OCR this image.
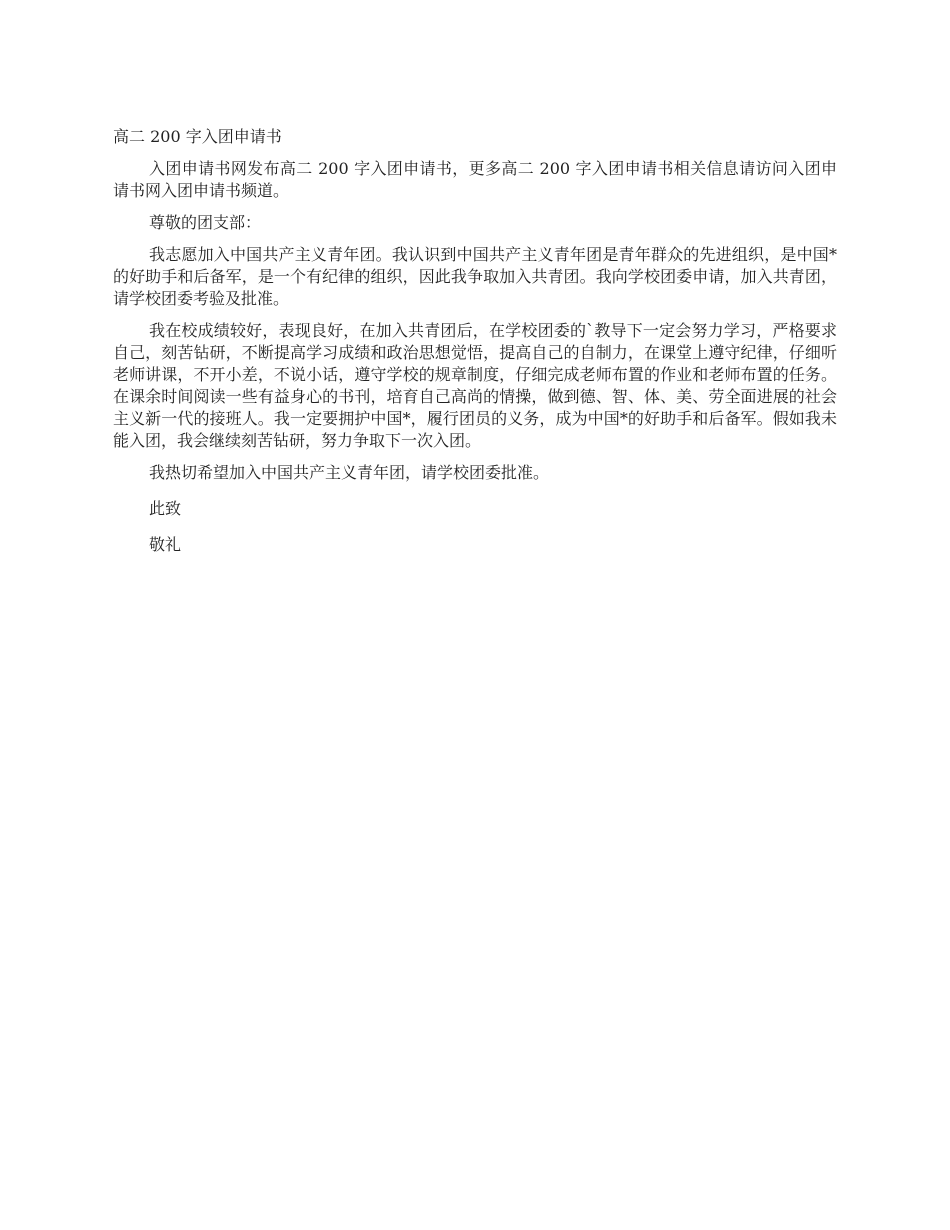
高二 200 字入团申请书

入团申请书网发布高二 200 字入团申请书，更多高二 200 字入团申请书相关信息请访问入团申请书网入团申请书频道。

尊敬的团支部：

我志愿加入中国共产主义青年团。我认识到中国共产主义青年团是青年群众的先进组织，是中国*的好助手和后备军，是一个有纪律的组织，因此我争取加入共青团。我向学校团委申请，加入共青团，请学校团委考验及批准。

我在校成绩较好，表现良好，在加入共青团后，在学校团委的`教导下一定会努力学习，严格要求自己，刻苦钻研，不断提高学习成绩和政治思想觉悟，提高自己的自制力，在课堂上遵守纪律，仔细听老师讲课，不开小差，不说小话，遵守学校的规章制度，仔细完成老师布置的作业和老师布置的任务。在课余时间阅读一些有益身心的书刊，培育自己高尚的情操，做到德、智、体、美、劳全面进展的社会主义新一代的接班人。我一定要拥护中国*，履行团员的义务，成为中国*的好助手和后备军。假如我未能入团，我会继续刻苦钻研，努力争取下一次入团。

我热切希望加入中国共产主义青年团，请学校团委批准。

此致

敬礼
